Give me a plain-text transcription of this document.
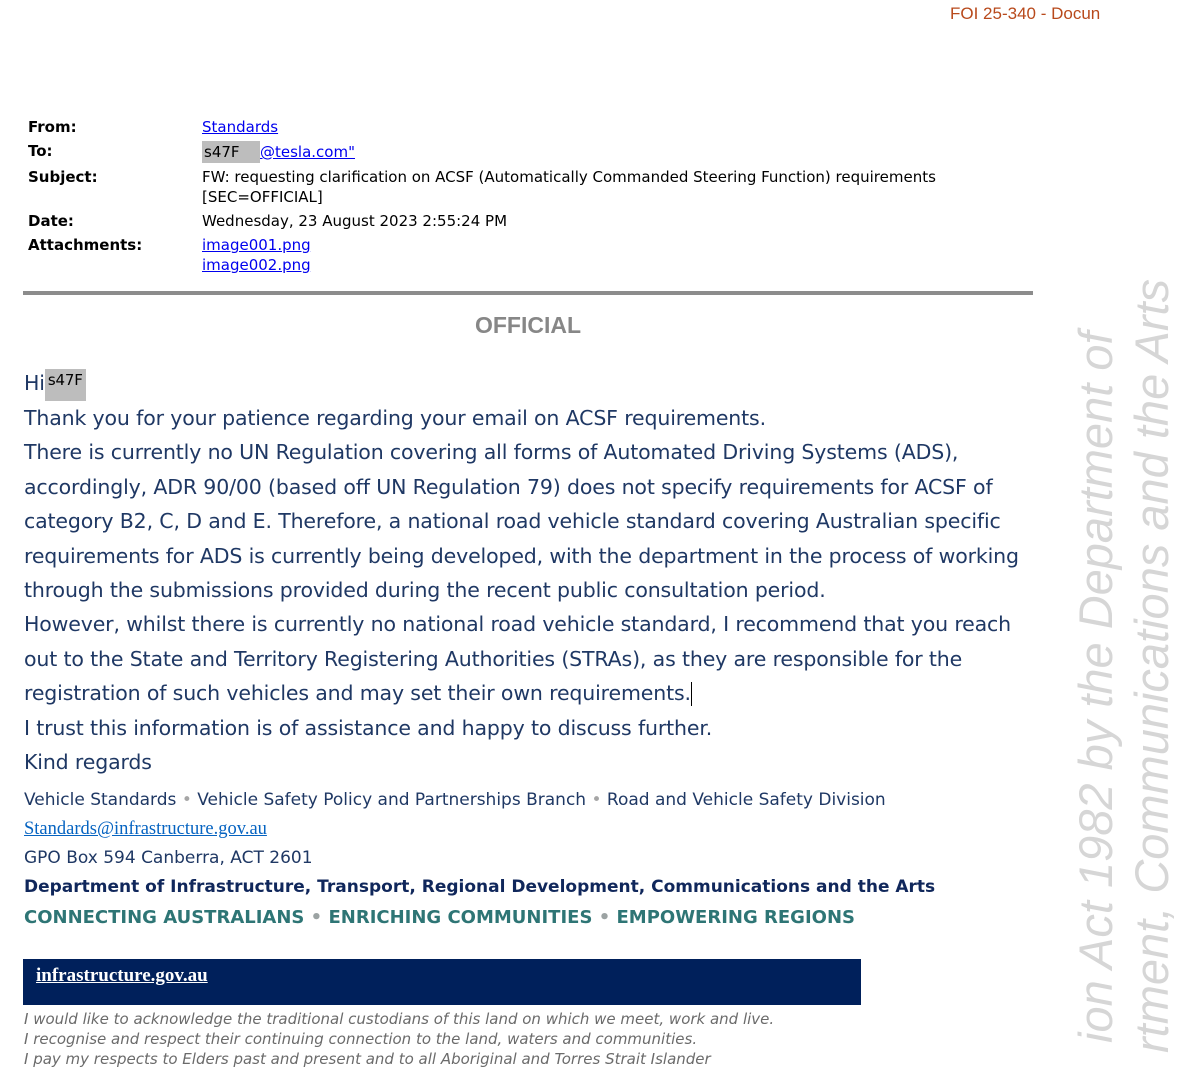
FOI 25-340 - Docun
ion Act 1982 by the Department of rtment, Communications and the Arts
From:	Standards
To:	s47F @tesla.com"
Subject:	FW: requesting clarification on ACSF (Automatically Commanded Steering Function) requirements
[SEC=OFFICIAL]
Date:	Wednesday, 23 August 2023 2:55:24 PM
Attachments:	image001.png
image002.png
OFFICIAL

Hi s47F

Thank you for your patience regarding your email on ACSF requirements.

There is currently no UN Regulation covering all forms of Automated Driving Systems (ADS), accordingly, ADR 90/00 (based off UN Regulation 79) does not specify requirements for ACSF of category B2, C, D and E. Therefore, a national road vehicle standard covering Australian specific requirements for ADS is currently being developed, with the department in the process of working through the submissions provided during the recent public consultation period.

However, whilst there is currently no national road vehicle standard, I recommend that you reach out to the State and Territory Registering Authorities (STRAs), as they are responsible for the registration of such vehicles and may set their own requirements.

I trust this information is of assistance and happy to discuss further.

Kind regards

Vehicle Standards • Vehicle Safety Policy and Partnerships Branch • Road and Vehicle Safety Division
Standards@infrastructure.gov.au
GPO Box 594 Canberra, ACT 2601
Department of Infrastructure, Transport, Regional Development, Communications and the Arts
CONNECTING AUSTRALIANS • ENRICHING COMMUNITIES • EMPOWERING REGIONS
infrastructure.gov.au
I would like to acknowledge the traditional custodians of this land on which we meet, work and live.
I recognise and respect their continuing connection to the land, waters and communities.
I pay my respects to Elders past and present and to all Aboriginal and Torres Strait Islander
